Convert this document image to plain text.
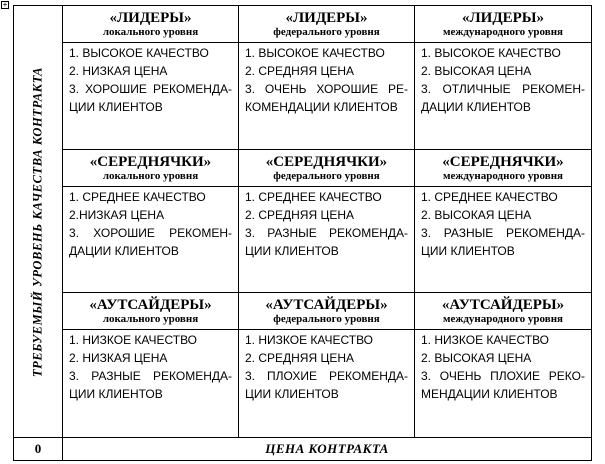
+
ТРЕБУЕМЫЙ УРОВЕНЬ КАЧЕСТВА КОНТРАКТА
«ЛИДЕРЫ»
локального уровня
1. ВЫСОКОЕ КАЧЕСТВО
2. НИЗКАЯ ЦЕНА
3. ХОРОШИЕ РЕКОМЕНДА-ЦИИ КЛИЕНТОВ
«ЛИДЕРЫ»
федерального уровня
1. ВЫСОКОЕ КАЧЕСТВО
2. СРЕДНЯЯ ЦЕНА
3. ОЧЕНЬ ХОРОШИЕ РЕ-КОМЕНДАЦИИ КЛИЕНТОВ
«ЛИДЕРЫ»
международного уровня
1. ВЫСОКОЕ КАЧЕСТВО
2. ВЫСОКАЯ ЦЕНА
3. ОТЛИЧНЫЕ РЕКОМЕН-ДАЦИИ КЛИЕНТОВ
«СЕРЕДНЯЧКИ»
локального уровня
1. СРЕДНЕЕ КАЧЕСТВО
2.НИЗКАЯ ЦЕНА
3. ХОРОШИЕ РЕКОМЕН-ДАЦИИ КЛИЕНТОВ
«СЕРЕДНЯЧКИ»
федерального уровня
1. СРЕДНЕЕ КАЧЕСТВО
2. СРЕДНЯЯ ЦЕНА
3. РАЗНЫЕ РЕКОМЕНДА-ЦИИ КЛИЕНТОВ
«СЕРЕДНЯЧКИ»
международного уровня
1. СРЕДНЕЕ КАЧЕСТВО
2. ВЫСОКАЯ ЦЕНА
3. РАЗНЫЕ РЕКОМЕНДА-ЦИИ КЛИЕНТОВ
«АУТСАЙДЕРЫ»
локального уровня
1. НИЗКОЕ КАЧЕСТВО
2. НИЗКАЯ ЦЕНА
3. РАЗНЫЕ РЕКОМЕНДА-ЦИИ КЛИЕНТОВ
«АУТСАЙДЕРЫ»
федерального уровня
1. НИЗКОЕ КАЧЕСТВО
2. СРЕДНЯЯ ЦЕНА
3. ПЛОХИЕ РЕКОМЕНДА-ЦИИ КЛИЕНТОВ
«АУТСАЙДЕРЫ»
международного уровня
1. НИЗКОЕ КАЧЕСТВО
2. ВЫСОКАЯ ЦЕНА
3. ОЧЕНЬ ПЛОХИЕ РЕКО-МЕНДАЦИИ КЛИЕНТОВ
0	ЦЕНА КОНТРАКТА
